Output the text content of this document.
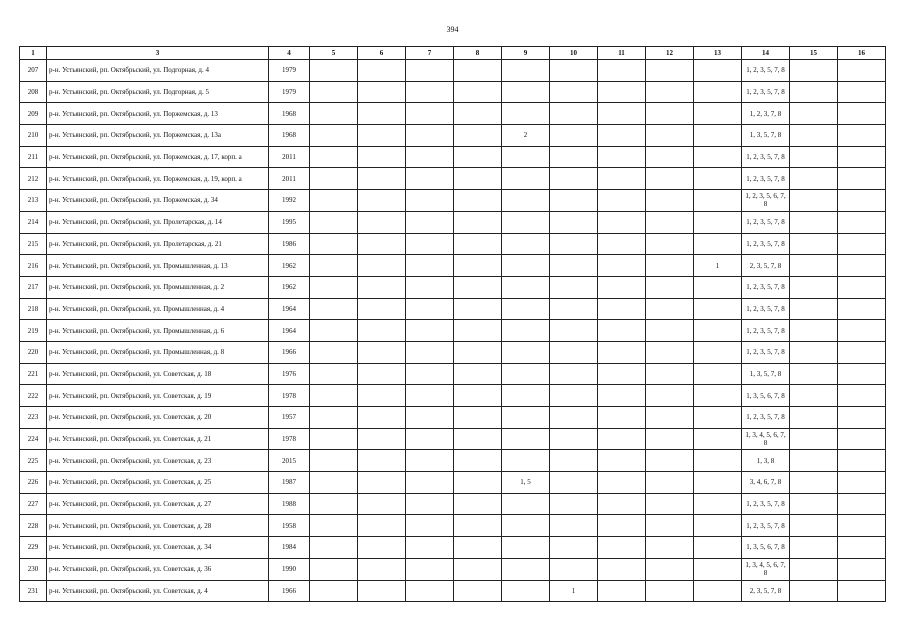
394
1	3	4	5	6	7	8	9	10	11	12	13	14	15	16
207	р-н. Устьянский, рп. Октябрьский, ул. Подгорная, д. 4	1979										1, 2, 3, 5, 7, 8		
208	р-н. Устьянский, рп. Октябрьский, ул. Подгорная, д. 5	1979										1, 2, 3, 5, 7, 8		
209	р-н. Устьянский, рп. Октябрьский, ул. Поржемская, д. 13	1968										1, 2, 3, 7, 8		
210	р-н. Устьянский, рп. Октябрьский, ул. Поржемская, д. 13а	1968					2					1, 3, 5, 7, 8		
211	р-н. Устьянский, рп. Октябрьский, ул. Поржемская, д. 17, корп. а	2011										1, 2, 3, 5, 7, 8		
212	р-н. Устьянский, рп. Октябрьский, ул. Поржемская, д. 19, корп. а	2011										1, 2, 3, 5, 7, 8		
213	р-н. Устьянский, рп. Октябрьский, ул. Поржемская, д. 34	1992										1, 2, 3, 5, 6, 7, 8		
214	р-н. Устьянский, рп. Октябрьский, ул. Пролетарская, д. 14	1995										1, 2, 3, 5, 7, 8		
215	р-н. Устьянский, рп. Октябрьский, ул. Пролетарская, д. 21	1986										1, 2, 3, 5, 7, 8		
216	р-н. Устьянский, рп. Октябрьский, ул. Промышленная, д. 13	1962									1	2, 3, 5, 7, 8		
217	р-н. Устьянский, рп. Октябрьский, ул. Промышленная, д. 2	1962										1, 2, 3, 5, 7, 8		
218	р-н. Устьянский, рп. Октябрьский, ул. Промышленная, д. 4	1964										1, 2, 3, 5, 7, 8		
219	р-н. Устьянский, рп. Октябрьский, ул. Промышленная, д. 6	1964										1, 2, 3, 5, 7, 8		
220	р-н. Устьянский, рп. Октябрьский, ул. Промышленная, д. 8	1966										1, 2, 3, 5, 7, 8		
221	р-н. Устьянский, рп. Октябрьский, ул. Советская, д. 18	1976										1, 3, 5, 7, 8		
222	р-н. Устьянский, рп. Октябрьский, ул. Советская, д. 19	1978										1, 3, 5, 6, 7, 8		
223	р-н. Устьянский, рп. Октябрьский, ул. Советская, д. 20	1957										1, 2, 3, 5, 7, 8		
224	р-н. Устьянский, рп. Октябрьский, ул. Советская, д. 21	1978										1, 3, 4, 5, 6, 7, 8		
225	р-н. Устьянский, рп. Октябрьский, ул. Советская, д. 23	2015										1, 3, 8		
226	р-н. Устьянский, рп. Октябрьский, ул. Советская, д. 25	1987					1, 5					3, 4, 6, 7, 8		
227	р-н. Устьянский, рп. Октябрьский, ул. Советская, д. 27	1988										1, 2, 3, 5, 7, 8		
228	р-н. Устьянский, рп. Октябрьский, ул. Советская, д. 28	1958										1, 2, 3, 5, 7, 8		
229	р-н. Устьянский, рп. Октябрьский, ул. Советская, д. 34	1984										1, 3, 5, 6, 7, 8		
230	р-н. Устьянский, рп. Октябрьский, ул. Советская, д. 36	1990										1, 3, 4, 5, 6, 7, 8		
231	р-н. Устьянский, рп. Октябрьский, ул. Советская, д. 4	1966						1				2, 3, 5, 7, 8		
